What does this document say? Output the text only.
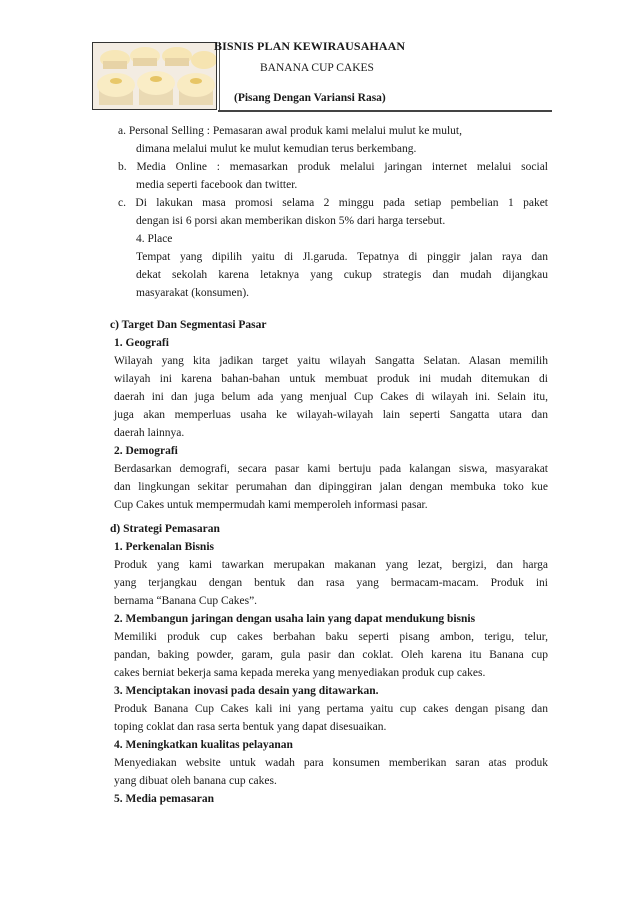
BISNIS PLAN KEWIRAUSAHAAN
BANANA CUP CAKES
(Pisang Dengan Variansi Rasa)
a. Personal Selling : Pemasaran awal produk kami melalui mulut ke mulut,
dimana melalui mulut ke mulut kemudian terus berkembang.
b. Media Online : memasarkan produk melalui jaringan internet melalui social
media seperti facebook dan twitter.
c. Di lakukan masa promosi selama 2 minggu pada setiap pembelian 1 paket
dengan isi 6 porsi akan memberikan diskon 5% dari harga tersebut.
4. Place
Tempat yang dipilih yaitu di Jl.garuda. Tepatnya di pinggir jalan raya dan
dekat sekolah karena letaknya yang cukup strategis dan mudah dijangkau
masyarakat (konsumen).
c) Target Dan Segmentasi Pasar
1. Geografi
Wilayah yang kita jadikan target yaitu wilayah Sangatta Selatan. Alasan memilih
wilayah ini karena bahan-bahan untuk membuat produk ini mudah ditemukan di
daerah ini dan juga belum ada yang menjual Cup Cakes di wilayah ini. Selain itu,
juga akan memperluas usaha ke wilayah-wilayah lain seperti Sangatta utara dan
daerah lainnya.
2. Demografi
Berdasarkan demografi, secara pasar kami bertuju pada kalangan siswa, masyarakat
dan lingkungan sekitar perumahan dan dipinggiran jalan dengan membuka toko kue
Cup Cakes untuk mempermudah kami memperoleh informasi pasar.
d) Strategi Pemasaran
1. Perkenalan Bisnis
Produk yang kami tawarkan merupakan makanan yang lezat, bergizi, dan harga
yang terjangkau dengan bentuk dan rasa yang bermacam-macam. Produk ini
bernama “Banana Cup Cakes”.
2. Membangun jaringan dengan usaha lain yang dapat mendukung bisnis
Memiliki produk cup cakes berbahan baku seperti pisang ambon, terigu, telur,
pandan, baking powder, garam, gula pasir dan coklat. Oleh karena itu Banana cup
cakes berniat bekerja sama kepada mereka yang menyediakan produk cup cakes.
3. Menciptakan inovasi pada desain yang ditawarkan.
Produk Banana Cup Cakes kali ini yang pertama yaitu cup cakes dengan pisang dan
toping coklat dan rasa serta bentuk yang dapat disesuaikan.
4. Meningkatkan kualitas pelayanan
Menyediakan website untuk wadah para konsumen memberikan saran atas produk
yang dibuat oleh banana cup cakes.
5. Media pemasaran
